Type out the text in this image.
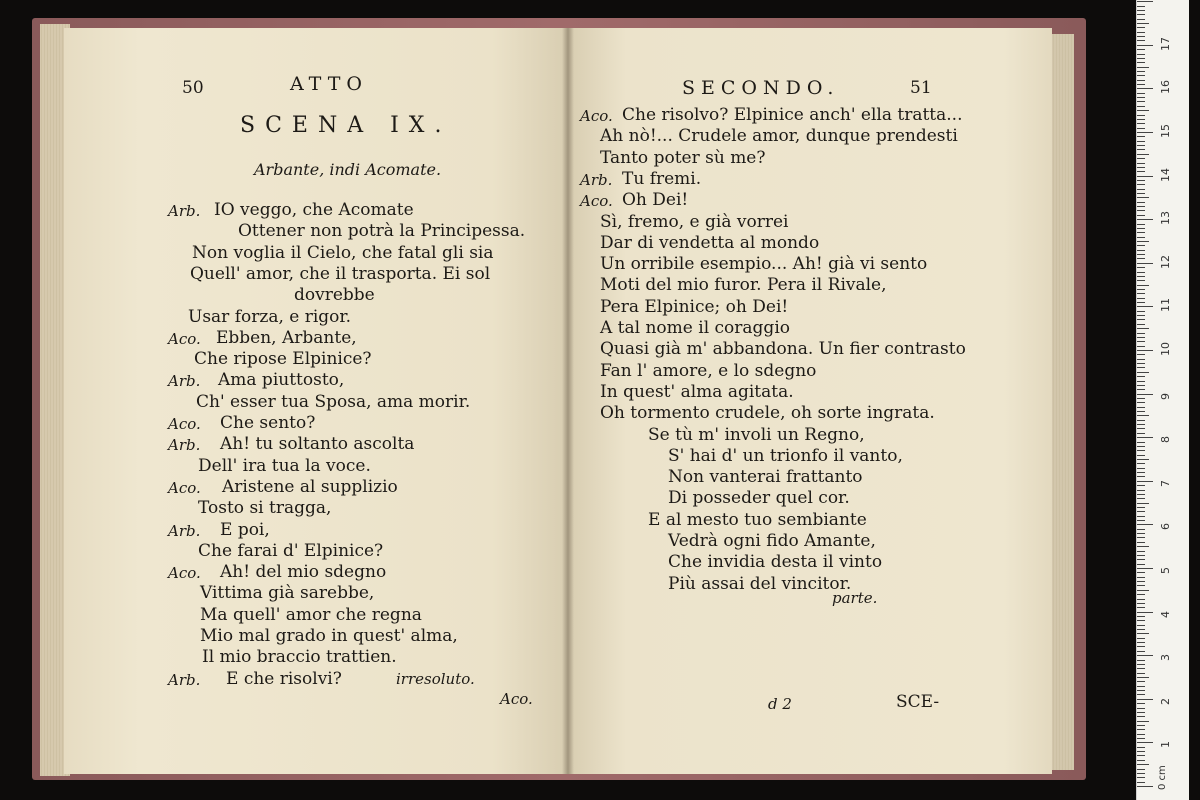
50	ATTO
SCENA IX.
Arbante, indi Acomate.
Arb. IO veggo, che Acomate
Ottener non potrà la Principessa.
Non voglia il Cielo, che fatal gli sia
Quell' amor, che il trasporta. Ei sol
dovrebbe
Usar forza, e rigor.
Aco. Ebben, Arbante,
Che ripose Elpinice?
Arb. Ama piuttosto,
Ch' esser tua Sposa, ama morir.
Aco. Che sento?
Arb. Ah! tu soltanto ascolta
Dell' ira tua la voce.
Aco. Aristene al supplizio
Tosto si tragga,
Arb. E poi,
Che farai d' Elpinice?
Aco. Ah! del mio sdegno
Vittima già sarebbe,
Ma quell' amor che regna
Mio mal grado in quest' alma,
Il mio braccio trattien.
Arb. E che risolvi?	irresoluto.
Aco.
SECONDO.	51
Aco. Che risolvo? Elpinice anch' ella tratta...
Ah nò!... Crudele amor, dunque prendesti
Tanto poter sù me?
Arb. Tu fremi.
Aco. Oh Dei!
Sì, fremo, e già vorrei
Dar di vendetta al mondo
Un orribile esempio... Ah! già vi sento
Moti del mio furor. Pera il Rivale,
Pera Elpinice; oh Dei!
A tal nome il coraggio
Quasi già m' abbandona. Un fier contrasto
Fan l' amore, e lo sdegno
In quest' alma agitata.
Oh tormento crudele, oh sorte ingrata.
Se tù m' involi un Regno,
S' hai d' un trionfo il vanto,
Non vanterai frattanto
Di posseder quel cor.
E al mesto tuo sembiante
Vedrà ogni fido Amante,
Che invidia desta il vinto
Più assai del vincitor.
parte.
d 2	SCE-
1
2
3
4
5
6
7
8
9
10
11
12
13
14
15
16
17
0 cm
